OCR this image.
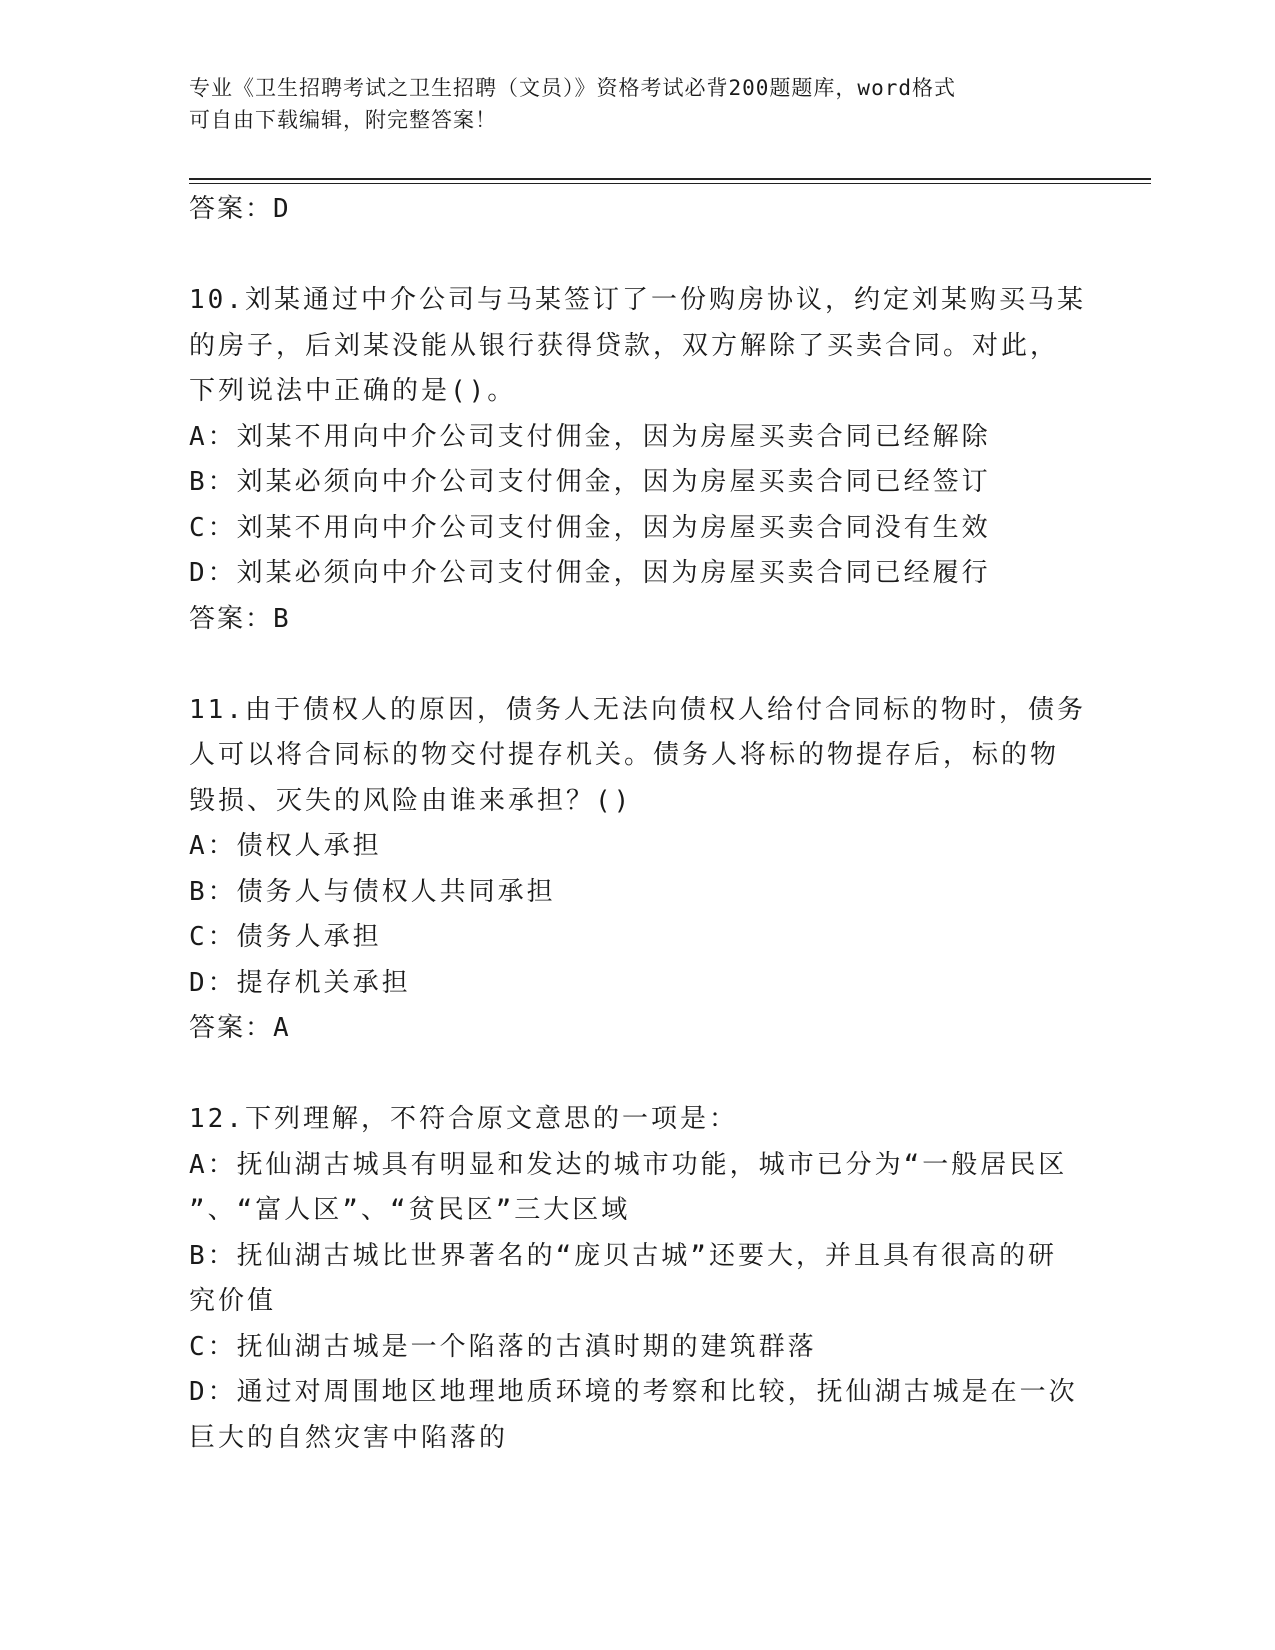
专业《卫生招聘考试之卫生招聘（文员）》资格考试必背200题题库，word格式
可自由下载编辑，附完整答案！
答案：D
10.刘某通过中介公司与马某签订了一份购房协议，约定刘某购买马某
的房子，后刘某没能从银行获得贷款，双方解除了买卖合同。对此，
下列说法中正确的是()。
A：刘某不用向中介公司支付佣金，因为房屋买卖合同已经解除
B：刘某必须向中介公司支付佣金，因为房屋买卖合同已经签订
C：刘某不用向中介公司支付佣金，因为房屋买卖合同没有生效
D：刘某必须向中介公司支付佣金，因为房屋买卖合同已经履行
答案：B
11.由于债权人的原因，债务人无法向债权人给付合同标的物时，债务
人可以将合同标的物交付提存机关。债务人将标的物提存后，标的物
毁损、灭失的风险由谁来承担？()
A：债权人承担
B：债务人与债权人共同承担
C：债务人承担
D：提存机关承担
答案：A
12.下列理解，不符合原文意思的一项是：
A：抚仙湖古城具有明显和发达的城市功能，城市已分为“一般居民区
”、“富人区”、“贫民区”三大区域
B：抚仙湖古城比世界著名的“庞贝古城”还要大，并且具有很高的研
究价值
C：抚仙湖古城是一个陷落的古滇时期的建筑群落
D：通过对周围地区地理地质环境的考察和比较，抚仙湖古城是在一次
巨大的自然灾害中陷落的
